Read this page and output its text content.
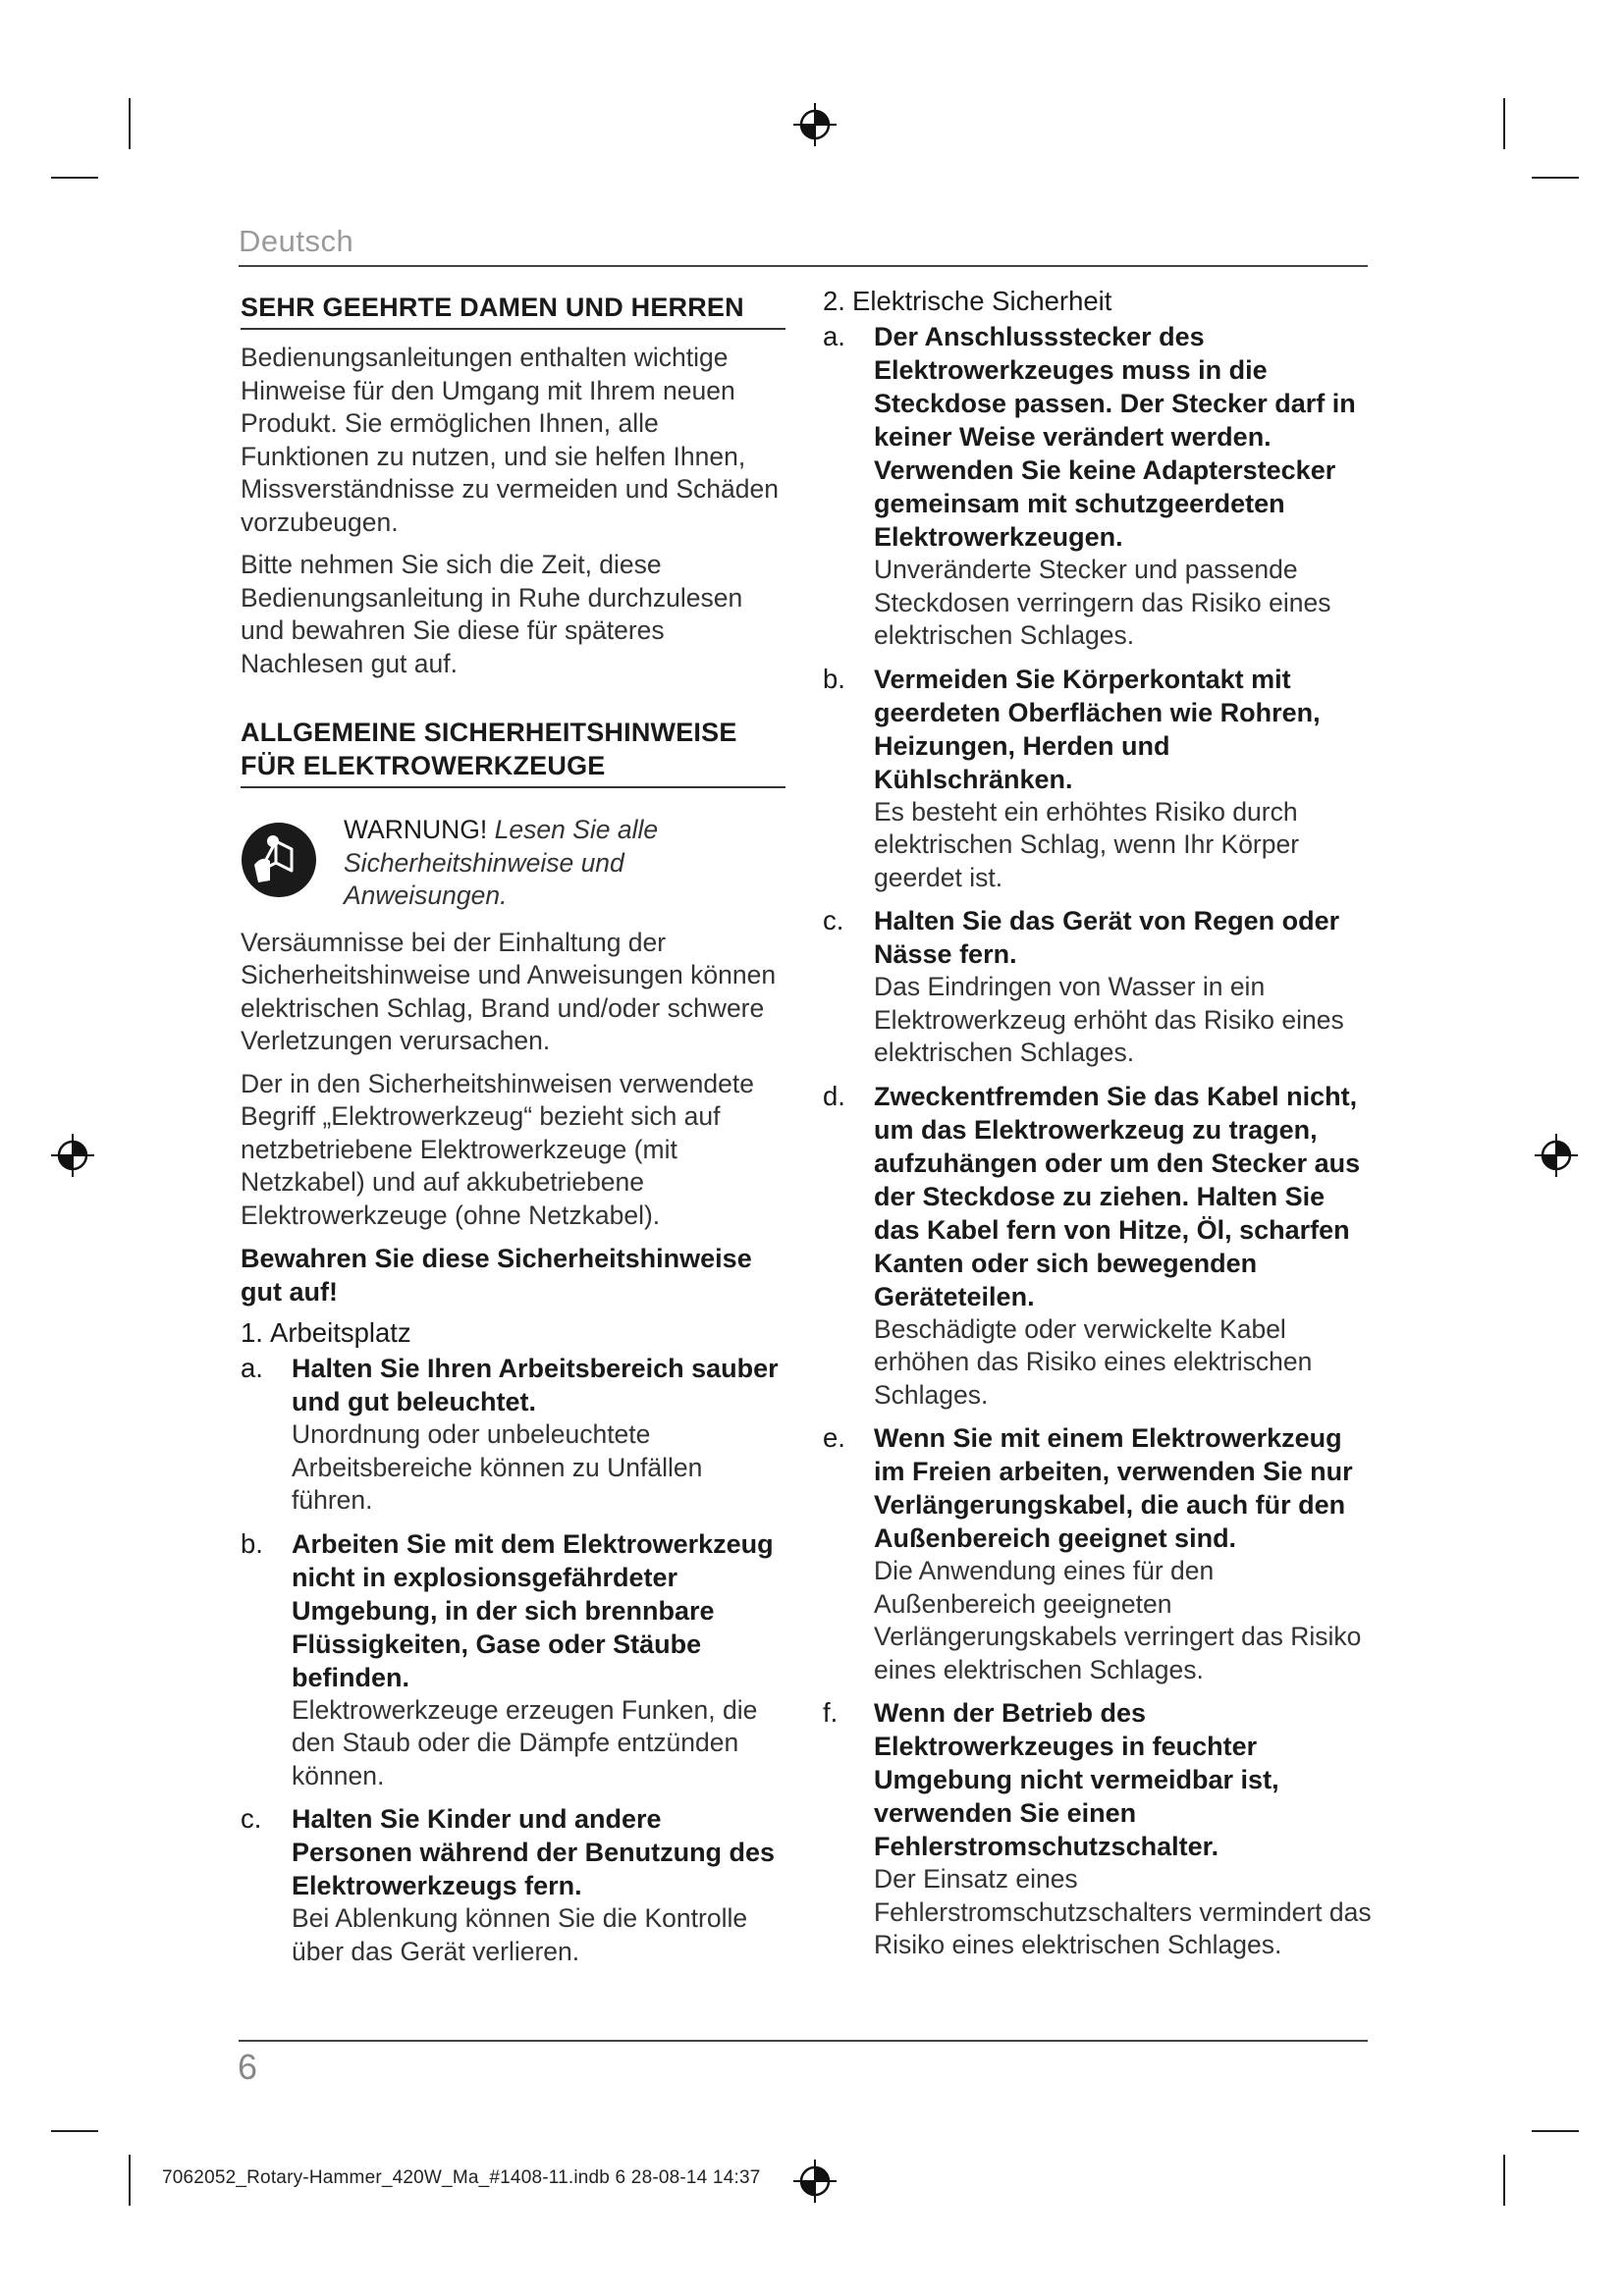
Deutsch
SEHR GEEHRTE DAMEN UND HERREN

Bedienungsanleitungen enthalten wichtige Hinweise für den Umgang mit Ihrem neuen Produkt. Sie ermöglichen Ihnen, alle Funktionen zu nutzen, und sie helfen Ihnen, Missverständnisse zu vermeiden und Schäden vorzubeugen.

Bitte nehmen Sie sich die Zeit, diese Bedienungsanleitung in Ruhe durchzulesen und bewahren Sie diese für späteres Nachlesen gut auf.

ALLGEMEINE SICHERHEITSHINWEISE FÜR ELEKTROWERKZEUGE
WARNUNG! Lesen Sie alle Sicherheitshinweise und Anweisungen.

Versäumnisse bei der Einhaltung der Sicherheitshinweise und Anweisungen können elektrischen Schlag, Brand und/oder schwere Verletzungen verursachen.

Der in den Sicherheitshinweisen verwendete Begriff „Elektrowerkzeug“ bezieht sich auf netzbetriebene Elektrowerkzeuge (mit Netzkabel) und auf akkubetriebene Elektrowerkzeuge (ohne Netzkabel).

Bewahren Sie diese Sicherheitshinweise gut auf!

1. Arbeitsplatz
a. Halten Sie Ihren Arbeitsbereich sauber und gut beleuchtet.
Unordnung oder unbeleuchtete Arbeitsbereiche können zu Unfällen führen.
b. Arbeiten Sie mit dem Elektrowerkzeug nicht in explosionsgefährdeter Umgebung, in der sich brennbare Flüssigkeiten, Gase oder Stäube befinden.
Elektrowerkzeuge erzeugen Funken, die den Staub oder die Dämpfe entzünden können.
c. Halten Sie Kinder und andere Personen während der Benutzung des Elektrowerkzeugs fern.
Bei Ablenkung können Sie die Kontrolle über das Gerät verlieren.
2. Elektrische Sicherheit
a. Der Anschlussstecker des Elektrowerkzeuges muss in die Steckdose passen. Der Stecker darf in keiner Weise verändert werden. Verwenden Sie keine Adapterstecker gemeinsam mit schutzgeerdeten Elektrowerkzeugen.
Unveränderte Stecker und passende Steckdosen verringern das Risiko eines elektrischen Schlages.
b. Vermeiden Sie Körperkontakt mit geerdeten Oberflächen wie Rohren, Heizungen, Herden und Kühlschränken.
Es besteht ein erhöhtes Risiko durch elektrischen Schlag, wenn Ihr Körper geerdet ist.
c. Halten Sie das Gerät von Regen oder Nässe fern.
Das Eindringen von Wasser in ein Elektrowerkzeug erhöht das Risiko eines elektrischen Schlages.
d. Zweckentfremden Sie das Kabel nicht, um das Elektrowerkzeug zu tragen, aufzuhängen oder um den Stecker aus der Steckdose zu ziehen. Halten Sie das Kabel fern von Hitze, Öl, scharfen Kanten oder sich bewegenden Geräteteilen.
Beschädigte oder verwickelte Kabel erhöhen das Risiko eines elektrischen Schlages.
e. Wenn Sie mit einem Elektrowerkzeug im Freien arbeiten, verwenden Sie nur Verlängerungskabel, die auch für den Außenbereich geeignet sind.
Die Anwendung eines für den Außenbereich geeigneten Verlängerungskabels verringert das Risiko eines elektrischen Schlages.
f. Wenn der Betrieb des Elektrowerkzeuges in feuchter Umgebung nicht vermeidbar ist, verwenden Sie einen Fehlerstromschutzschalter.
Der Einsatz eines Fehlerstromschutzschalters vermindert das Risiko eines elektrischen Schlages.
6
7062052_Rotary-Hammer_420W_Ma_#1408-11.indb 6 28-08-14 14:37
